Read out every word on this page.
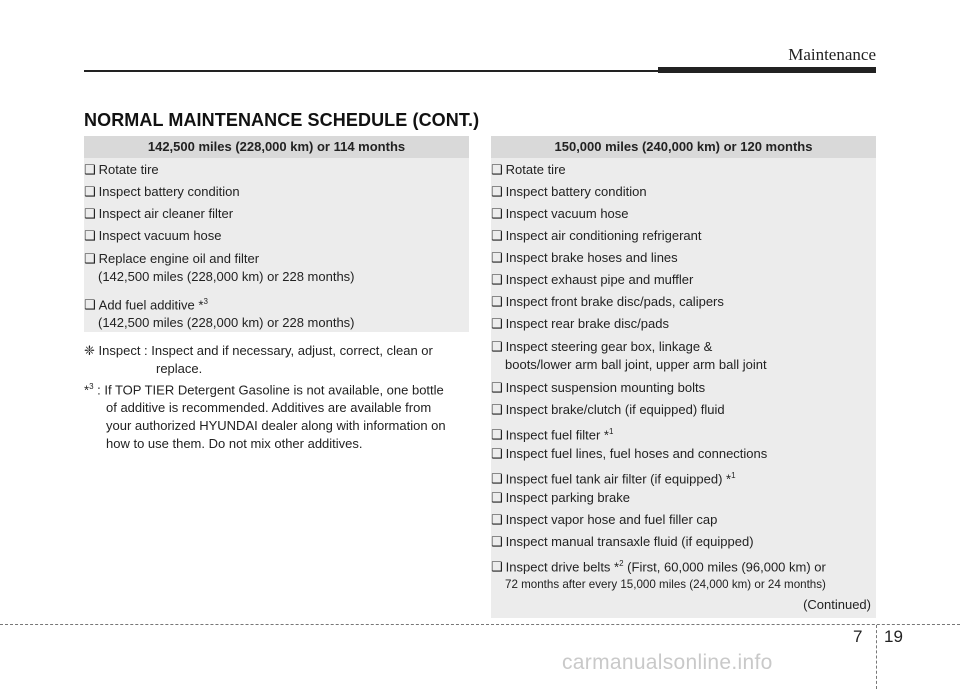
Maintenance
NORMAL MAINTENANCE SCHEDULE (CONT.)
142,500 miles (228,000 km) or 114 months
❑ Rotate tire
❑ Inspect battery condition
❑ Inspect air cleaner filter
❑ Inspect vacuum hose
❑ Replace engine oil and filter
(142,500 miles (228,000 km) or 228 months)
❑ Add fuel additive *$^3$
(142,500 miles (228,000 km) or 228 months)
❈ Inspect : Inspect and if necessary, adjust, correct, clean or
replace.
*$^3$ : If TOP TIER Detergent Gasoline is not available, one bottle
of additive is recommended. Additives are available from
your authorized HYUNDAI dealer along with information on
how to use them. Do not mix other additives.
150,000 miles (240,000 km) or 120 months
❑ Rotate tire
❑ Inspect battery condition
❑ Inspect vacuum hose
❑ Inspect air conditioning refrigerant
❑ Inspect brake hoses and lines
❑ Inspect exhaust pipe and muffler
❑ Inspect front brake disc/pads, calipers
❑ Inspect rear brake disc/pads
❑ Inspect steering gear box, linkage &
boots/lower arm ball joint, upper arm ball joint
❑ Inspect suspension mounting bolts
❑ Inspect brake/clutch (if equipped) fluid
❑ Inspect fuel filter *$^1$
❑ Inspect fuel lines, fuel hoses and connections
❑ Inspect fuel tank air filter (if equipped) *$^1$
❑ Inspect parking brake
❑ Inspect vapor hose and fuel filler cap
❑ Inspect manual transaxle fluid (if equipped)
❑ Inspect drive belts *$^2$ (First, 60,000 miles (96,000 km) or
72 months after every 15,000 miles (24,000 km) or 24 months)
(Continued)
7 19
carmanualsonline.info
